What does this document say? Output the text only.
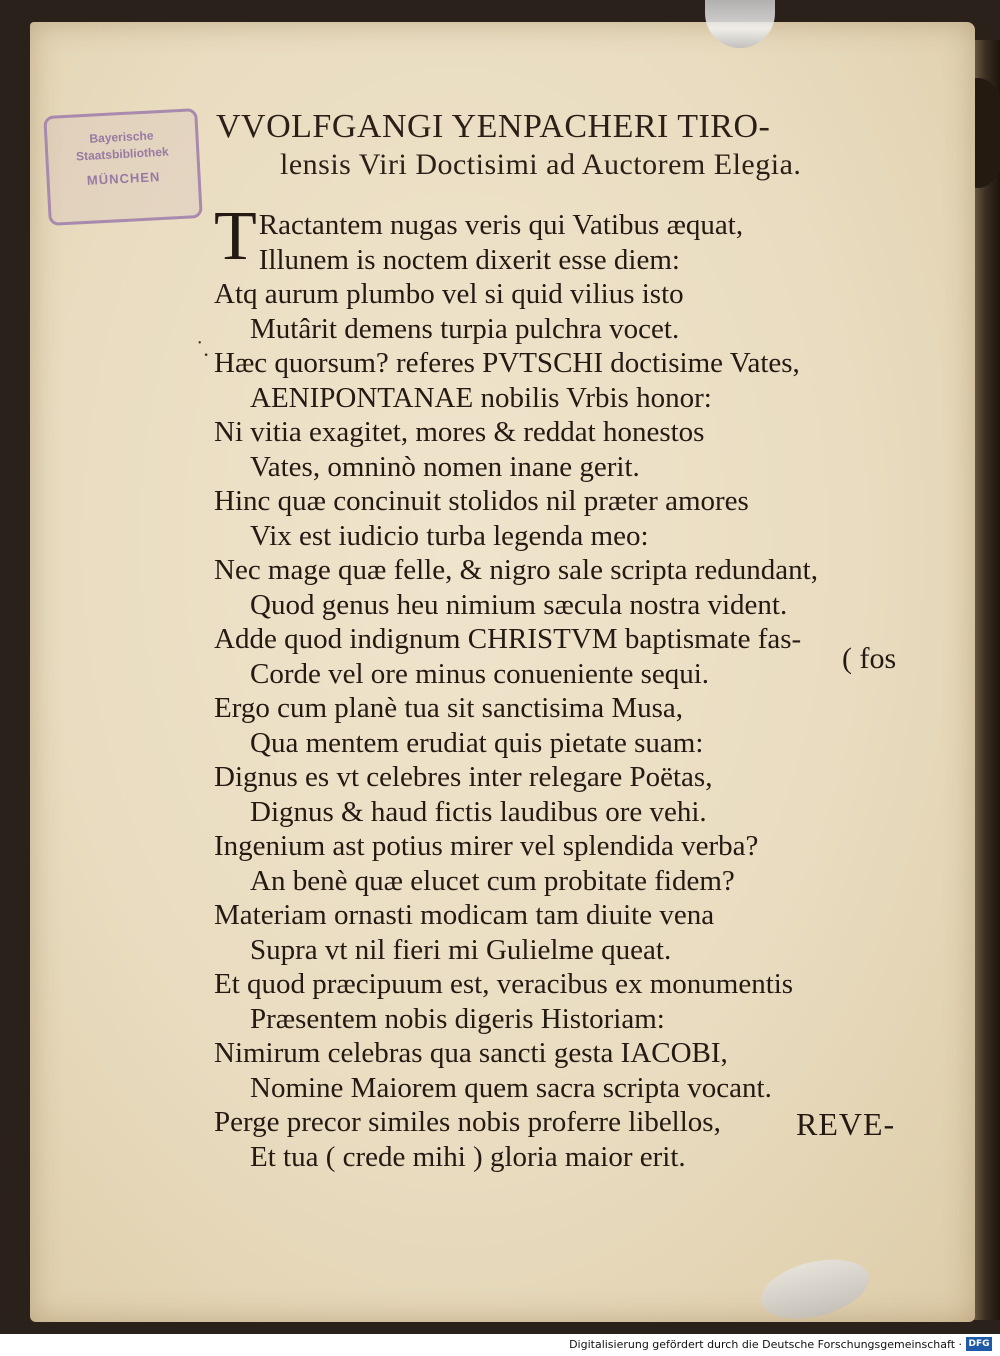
Bayerische
Staatsbibliothek
MÜNCHEN
VVOLFGANGI YENPACHERI TIRO-
lensis Viri Doctisimi ad Auctorem Elegia.
˙.
T Ractantem nugas veris qui Vatibus æquat,
Illunem is noctem dixerit esse diem:
Atq aurum plumbo vel si quid vilius isto
Mutârit demens turpia pulchra vocet.
Hæc quorsum? referes PVTSCHI doctisime Vates,
AENIPONTANAE nobilis Vrbis honor:
Ni vitia exagitet, mores & reddat honestos
Vates, omninò nomen inane gerit.
Hinc quæ concinuit stolidos nil præter amores
Vix est iudicio turba legenda meo:
Nec mage quæ felle, & nigro sale scripta redundant,
Quod genus heu nimium sæcula nostra vident.
Adde quod indignum CHRISTVM baptismate fas-
Corde vel ore minus conueniente sequi.
Ergo cum planè tua sit sanctisima Musa,
Qua mentem erudiat quis pietate suam:
Dignus es vt celebres inter relegare Poëtas,
Dignus & haud fictis laudibus ore vehi.
Ingenium ast potius mirer vel splendida verba?
An benè quæ elucet cum probitate fidem?
Materiam ornasti modicam tam diuite vena
Supra vt nil fieri mi Gulielme queat.
Et quod præcipuum est, veracibus ex monumentis
Præsentem nobis digeris Historiam:
Nimirum celebras qua sancti gesta IACOBI,
Nomine Maiorem quem sacra scripta vocant.
Perge precor similes nobis proferre libellos,
Et tua ( crede mihi ) gloria maior erit.
( fos
REVE-
Digitalisierung gefördert durch die Deutsche Forschungsgemeinschaft · DFG
